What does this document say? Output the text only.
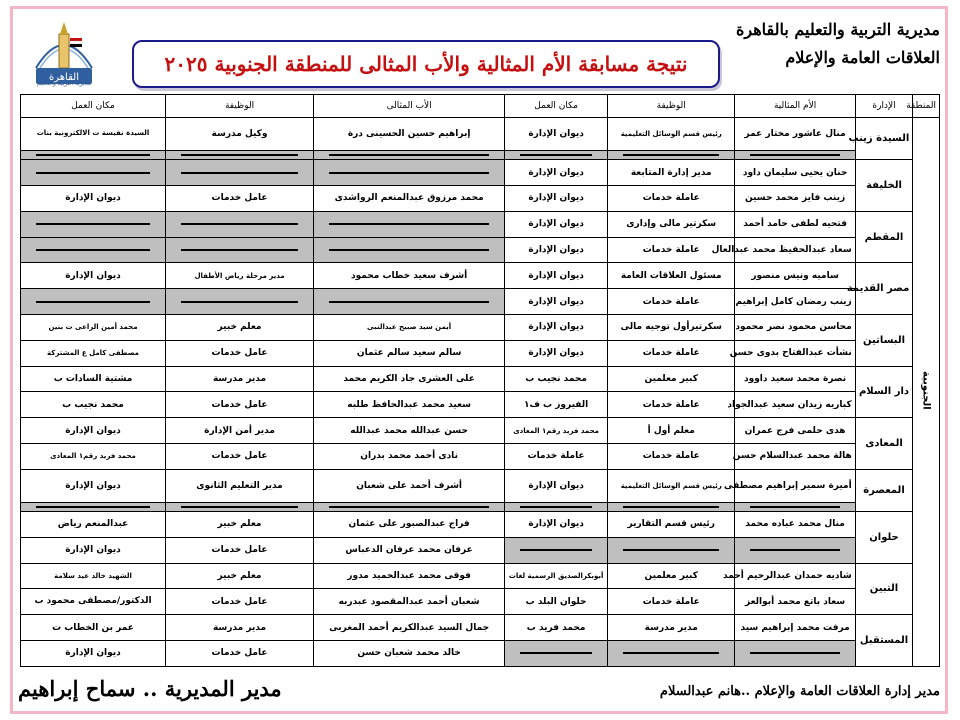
مديرية التربية والتعليم بالقاهرة
العلاقات العامة والإعلام
نتيجة مسابقة الأم المثالية والأب المثالى للمنطقة الجنوبية ٢٠٢٥
القاهرة
مديرية التربية والتعليم
المنطقة	الإدارة	الأم المثالية	الوظيفة	مكان العمل	الأب المثالى	الوظيفة	مكان العمل
الجنوبية	السيدة زينب	منال عاشور مختار عمر	رئيس قسم الوسائل التعليمية	ديوان الإدارة	إبراهيم حسين الحسينى درة	وكيل مدرسة	السيدة نفيسة ت الالكترونية بنات

	الخليفة	حنان يحيى سليمان داود	مدير إدارة المتابعة	ديوان الإدارة	

		زينب فايز محمد حسين	عاملة خدمات	ديوان الإدارة	محمد مرزوق عبدالمنعم الرواشدى	عامل خدمات	ديوان الإدارة
	المقطم	فتحيه لطفى حامد أحمد	سكرتير مالى وإدارى	ديوان الإدارة	

		سعاد عبدالحفيظ محمد عبدالعال	عاملة خدمات	ديوان الإدارة	

	مصر القديمة	ساميه ونيس منصور	مسئول العلاقات العامة	ديوان الإدارة	أشرف سعيد خطاب محمود	مدير مرحلة رياض الأطفال	ديوان الإدارة
		زينب رمضان كامل إبراهيم	عاملة خدمات	ديوان الإدارة	

	البساتين	محاسن محمود نصر محمود	سكرتيرأول توجيه مالى	ديوان الإدارة	أيمن سيد صبيح عبدالنبى	معلم خبير	محمد أمين الراعى ت بنين
		نشأت عبدالفتاح بدوى حسن	عاملة خدمات	ديوان الإدارة	سالم سعيد سالم عثمان	عامل خدمات	مصطفى كامل ع المشتركة
	دار السلام	نصرة محمد سعيد داوود	كبير معلمين	محمد نجيب ب	على العشرى جاد الكريم محمد	مدير مدرسة	مشتية السادات ب
		كباريه زيدان سعيد عبدالجواد	عاملة خدمات	الفيروز ب ف١	سعيد محمد عبدالحافظ طلبه	عامل خدمات	محمد نجيب ب
	المعادى	هدى حلمى فرج عمران	معلم أول أ	محمد فريد رقم١ المعادى	حسن عبدالله محمد عبدالله	مدير أمن الإدارة	ديوان الإدارة
		هالة محمد عبدالسلام حسن	عاملة خدمات	عاملة خدمات	نادى أحمد محمد بدران	عامل خدمات	محمد فريد رقم١ المعادى
	المعصرة	أميرة سمير إبراهيم مصطفى	رئيس قسم الوسائل التعليمية	ديوان الإدارة	أشرف أحمد على شعبان	مدير التعليم الثانوى	ديوان الإدارة

	حلوان	منال محمد عباده محمد	رئيس قسم التقارير	ديوان الإدارة	فراج عبدالصبور على عثمان	معلم خبير	عبدالمنعم رياض

			عرفان محمد عرفان الدعباس	عامل خدمات	ديوان الإدارة
	التبين	شاديه حمدان عبدالرحيم أحمد	كبير معلمين	أبوبكرالصديق الرسمية لغات	فوقى محمد عبدالحميد مدور	معلم خبير	الشهيد خالد عيد سلامة
		سعاد باتع محمد أبوالعز	عاملة خدمات	حلوان البلد ب	شعبان أحمد عبدالمقصود عبدربه	عامل خدمات	الدكتور/مصطفى محمود ب
	المستقبل	مرفت محمد إبراهيم سيد	مدير مدرسة	محمد فريد ب	جمال السيد عبدالكريم أحمد المغربى	مدير مدرسة	عمر بن الخطاب ت

			خالد محمد شعبان حسن	عامل خدمات	ديوان الإدارة
مدير إدارة العلاقات العامة والإعلام ..هانم عبدالسلام
مدير المديرية .. سماح إبراهيم
